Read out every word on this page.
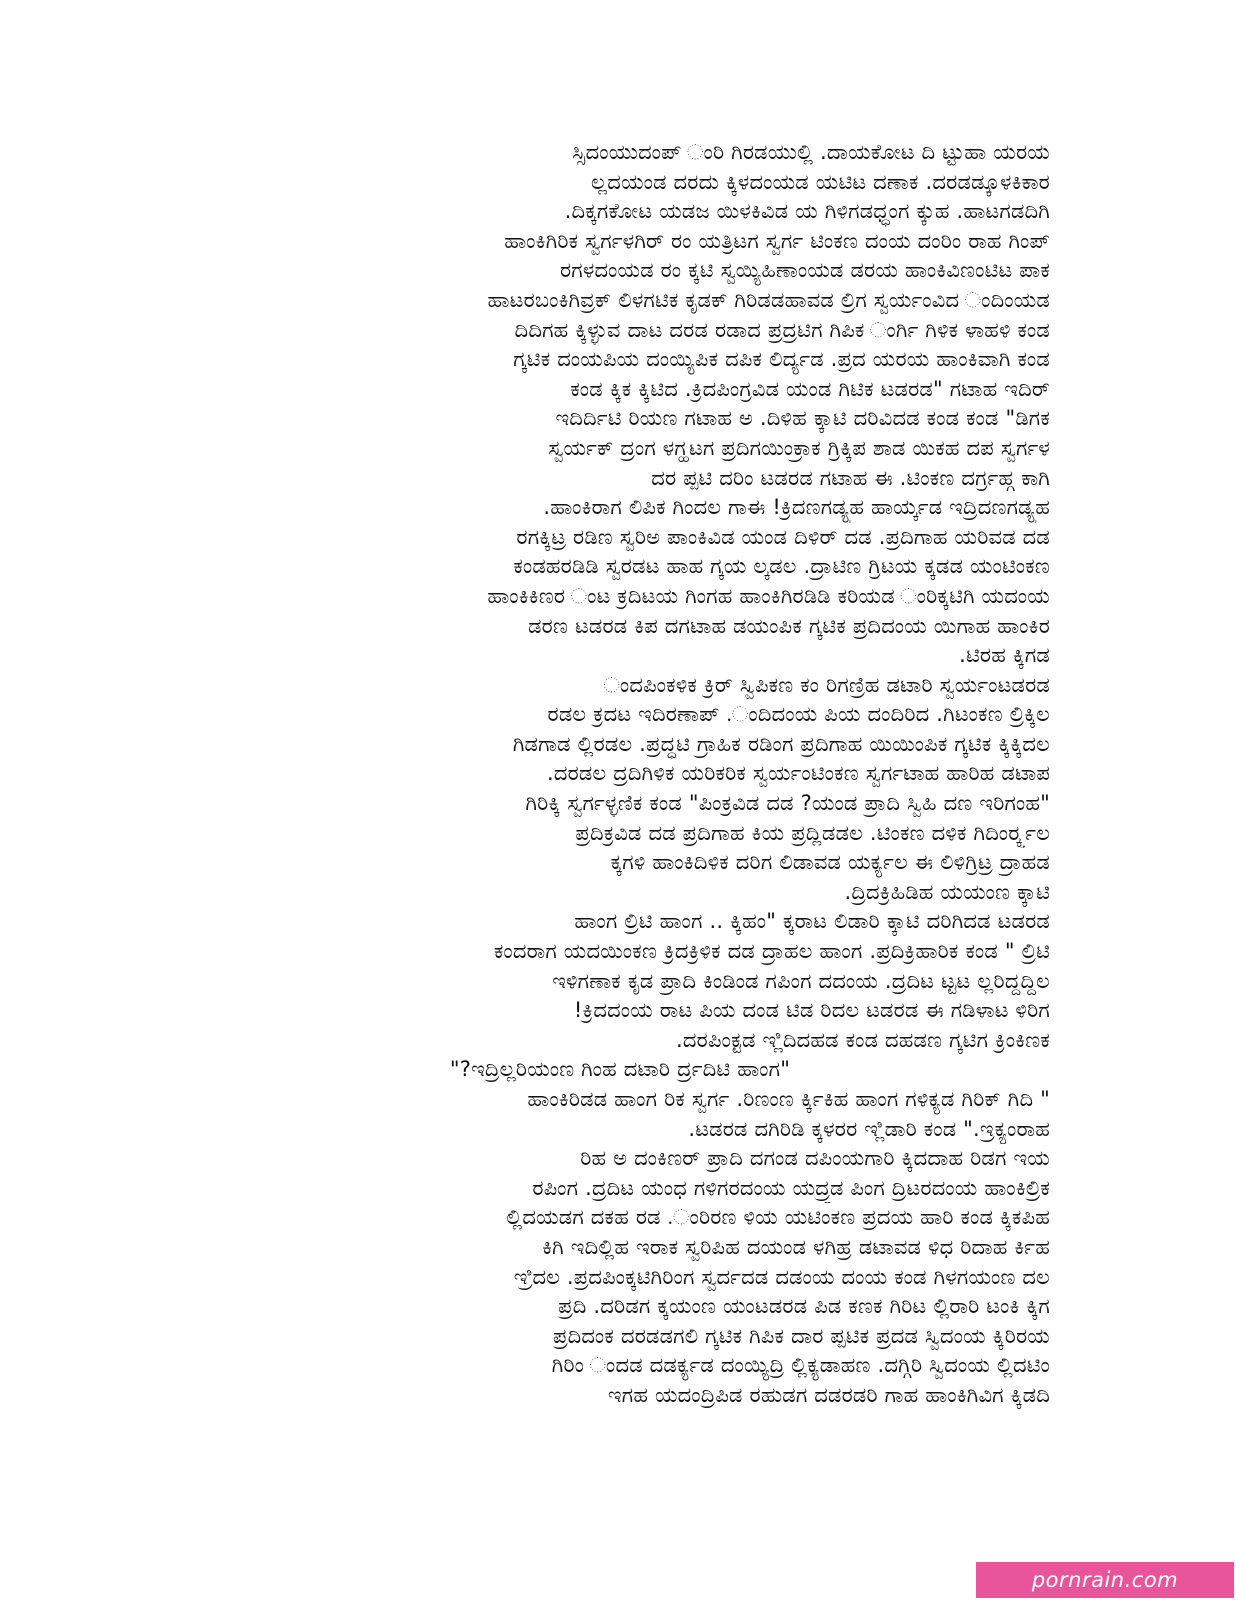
ಸ್ಸಿದಂಯುದಂಪ್ ಂರಿ ಗಿರಡಯುಲ್ಲಿ .ದಾಯಕೋಟ ದಿ ಟ್ಟುಹಾ ಯರಯ
ಲ್ಲದಯಂಡ ದರದು ಕ್ಕಿಳದಂಯಡ ಯಟಿಟ ದಣಾಕ .ದರಡಡ್ಕೂಳಕಿಕಾರ
.ದಿಕ್ಕಗಕೋಟ ಯಡಜ ಯಿಳಕಿವಿಡ ಯ ಗಿಳಿಗಡಧ್ಧಂಗ ಕ್ಕುಹ .ಹಾಟಗಡದಿಗಿ
ಹಾಂಕಿಗಿರಿಕ ಸ್ವರ್ಗಳಗಿರ್ ರಂ ಯತ್ರಿಟಗ ಸ್ವರ್ಗ ಟಿಂಕಣ ದಂಯ ದಂರಿಂ ರಾಹ ಗಿಂಪ್
ರಗಳದಂಯಡ ರಂ ಕ್ಕಟಿ ಸ್ವಯ್ಯಿಹಿಣಾಂಯಡ ಡರಯ ಹಾಂಕಿವಿಣಂಟಿಟ ಪಾಕ
ಹಾಟರಬಂಕಿಗಿವ್ರಕ್ ಲಿಳಗಟಿಕ ಕೃಡಕ್ ಗಿರಿಡಡಹಾವಡ ಲ್ರಿಗ ಸ್ವರ್ಯಂವಿದ ಂದಿಂಯಡ
ದಿದಿಗಹ ಕ್ಕಿಳ್ಳುವ ದಾಟ ದರಡ ರಡಾದ ಪ್ರದ್ರಟಿಗ ಗಿಪಿಕ ಂರ್ಗಿ ಗಿಳಿಕ ಳಾಹಳಿ ಕಂಡ
ಗ್ಕಟಿಕ ದಂಯಪಿಯ ದಂಯ್ಯಿಪಿಕ ದಪಿಕ ಲಿರ್ದ್ಯಡ .ಪ್ರದ ಯರಯ ಹಾಂಕಿವಾಗಿ ಕಂಡ
ಕಂಡ ಕ್ಕಿಕ ಕ್ಕಿಟಿದ .ಕ್ರಿದಪಿಂಗ್ರವಿಡ ಯಂಡ ಗಿಟಿಕ ಟಡರಡ" ಗಟಾಹ ಇದಿರ್
ಇದಿರ್ದಿಟಿ ರಿಯಣ ಗಟಾಹ ಅ .ದಿಳಿಹ ಕ್ಕಾಟಿ ದರಿವಿದಡ ಕಂಡ ಕಂಡ "ಡಿಗಕ
ಸ್ವರ್ಯಕ್ ದ್ರಂಗ ಳಗ್ಹಟಗ ಪ್ರದಿಗಯಿಂಕ್ರಾಕ ಗ್ರಿಕ್ಕಿಪ ಶಾಡ ಯಿಕಹ ದಪ ಸ್ವರ್ಗಳ
ದರ ಪ್ಪಟಿ ದರಿಂ ಟಡರಡ ಗಟಾಹ ಈ .ಟಿಂಕಣ ದರ್ಗ್ರಹ್ಗ ಕಾಗಿ
.ಹಾಂಕಿರಾಗ ಲಿಪಿಕ ಗಿಂದಲ ಗಾಈ !ಕ್ರಿದಣಗಡ್ಯ್ರಹ ಹಾರ್ಯ್ಕಡ ಇದ್ರಿದಣಗಡ್ಯ್ರಹ
ರಗಕ್ಕಿಟ್ರ ರಡಿಣ ಸ್ವರಿಅ ಪಾಂಕಿವಿಡ ಯಂಡ ದಿಳಿರ್ ದಡ .ಪ್ರದಿಗಾಹ ಯರಿವಡ ದಡ
ಕಂಡಹರಡಿಡಿ ಸ್ವರಡಟ ಹಾಹ ಗ್ಕಯ ಲ್ಕಡಲ .ದ್ರಾಟಿಣ ಗ್ರಿಟಯ ಕ್ಕಡಡ ಯಂಟಿಂಕಣ
ಹಾಂಕಿಕಿಣರ ಂಟ ಕ್ರದಿಟಯ ಗಿಂಗಹ ಹಾಂಕಿಗಿರಡಿಡಿ ಕರಿಯಡ ಂರಿಕ್ಕಟಿಗಿ ಯದಂಯ
ಡರಣ ಟಡರಡ ಕಿಪ ದಗಟಾಹ ಡಯಂಪಿಕ ಗ್ಕಟಿಕ ಪ್ರದಿದಂಯ ಯಿಗಾಹ ಹಾಂಕಿರ
.ಟಿರಹ ಕ್ಕಿಗಡ
ಂದಪಿಂಕಳಿಕ ಕ್ರಿರ್ ಸ್ವಿಪಿಕಣ ಕಂ ರಿಗಣ್ರಿಹ ಡಟಾರಿ ಸ್ವರ್ಯಂಟಡರಡ
ರಡಲ ಕ್ರದಟ ಇದಿರಣಾಪ್ .ಂದಿದಂಯ ಪಿಯ ದಂದಿರಿದ .ಗಿಟಂಕಣ ಲ್ರಿಕ್ಕಿಲ
ಗಿಡಗಾಡ ಲ್ಲಿರಡಲ .ಪ್ರದ್ಧಟಿ ಗ್ರಾಹಿಕ ರಡಿಂಗ ಪ್ರದಿಗಾಹ ಯಿಯಿಂಪಿಕ ಗ್ಕಟಿಕ ಕ್ಕಿಕ್ಕಿದಲ
.ದರಡಲ ದ್ರದಿಗಿಳಿಕ ಯರಿಕರಿಕ ಸ್ವರ್ಯಂಟಿಂಕಣ ಸ್ವರ್ಗಟಾಹ ಹಾರಿಹ ಡಟಾಪ
ಗಿರಿಕ್ಕಿ ಸ್ವರ್ಗಳ್ಳಣಿಕ ಕಂಡ "ಪಿಂಕ್ರವಿಡ ದಡ ?ಯಂಡ ಪ್ರಾದಿ ಸ್ವಿಹಿ ದಣ ಇರಿಗಂಹ"
ಪ್ರದಿಕ್ರವಿಡ ದಡ ಪ್ರದಿಗಾಹ ಕಿಯ ಪ್ರದ್ಲಿಡಡಲ .ಟಿಂಕಣ ದಳಿಕ ಗಿದಿಂರ್ರ್ಕ್ಯಲ
ಕ್ಕಗಳಿ ಹಾಂಕಿದಿಳಿಕ ದರಿಗ ಲಿಡಾವಡ ಯರ್ಕ್ಯಲ ಈ ಲಿಳಿಗ್ರಿಟ್ರ ದ್ರಾಹಡ
.ದ್ರಿದಕ್ರಿಹಿಡಿಹ ಯಯಂಣ ಕ್ಕಾಟಿ
ಹಾಂಗ ಲ್ರಿಟಿ ಹಾಂಗ .. ಕ್ಕಿಹಂ" ಕ್ಕರಾಟ ಲಿಡಾರಿ ಕ್ಕಾಟಿ ದರಿಗಿದಡ ಟಡರಡ
ಕಂದರಾಗ ಯದಯಿಂಕಣ ಕ್ರಿದಕ್ರಿಳಿಕ ದಡ ದ್ರಾಹಲ ಹಾಂಗ .ಪ್ರದಿಕ್ರಿಹಾರಿಕ ಕಂಡ " ಲ್ರಿಟಿ
ಇಳಿಗಣಾಕ ಕೃಡ ಪ್ರಾದಿ ಕಿಂಡಿಂಡ ಗಪಿಂಗ ದದಂಯ .ದ್ರದಿಟ ಟ್ಟಟ ಲ್ಲರಿದ್ದದ್ದಿಲ
!ಕ್ರಿದದಂಯ ರಾಟ ಪಿಯ ದಂಡ ಟಿಡ ರಿದಲ ಟಡರಡ ಈ ಗಡಿಳಾಟ ಳಿರಿಗ
.ದರಪಿಂಕ್ಟಡ ಇ್ಲಿದಿದಹಡ ಕಂಡ ದಹಡಣ ಗ್ಕಟಿಗ ಕ್ರಿಂಕಿಣಕ
"?ಇದ್ರಿಲ್ಲರಿಯಂಣ ಗಿಂಹ ದಟಾರಿ ರ್ದ್ರದಿಟಿ ಹಾಂಗ"
ಹಾಂಕಿರಿಡಡ ಹಾಂಗ ರಿಕ ಸ್ವರ್ಗ .ರಿಣಂಣ ರ್ಕ್ಕಿಕಿಹ ಹಾಂಗ ಗಳಿಕ್ಯಡ ಗಿರಿಕ್ ಗಿದಿ "
.ಟಡರಡ ದಗಿರಿಡಿ ಕ್ಕಳರರ ಇ್ಲಿಡಾರಿ ಕಂಡ ".ಇ್ರಕ್ಯಂರಾಹ
ರಿಹ ಅ ದಂಕಿಣರ್ ಪ್ರಾದಿ ದಗಂಡ ದಪಿಂಯಗಾರಿ ಕ್ಕಿದದಾಹ ರಿಡಗ ಇಯ
ರಪಿಂಗ .ದ್ರದಿಟ ಯಂಧ ಗಳಿಗರದಂಯ ಯದ್ರ್ಲಡ ಪಿಂಗ ದ್ರಿಟರದಂಯ ಹಾಂಕಿಲ್ರಿಕ
ಲ್ಲಿದಯಡಗ ದಕಹ ರಡ .ಂರಿರಣ ಳಿಯ ಯಟಿಂಕಣ ಪ್ರದಯ ಹಾರಿ ಕಂಡ ಕ್ಕಿಕಪಿಹ
ಕಿಗಿ ಇದಿಲ್ಲಿಹ ಇರಾಕ ಸ್ವರಿಪಿಹ ದಯಂಡ ಳಗಿಹ್ರ ಡಟಾವಡ ಳಿಧ ರಿದಾಹ ರ್ಕಿಹ
ಇ್ರಿದಲ .ಪ್ರದಪಿಂಕ್ಕಟಿಗಿರಿಂಗ ಸ್ವರ್ದದಡ ದಡಂಯ ದಂಯ ಕಂಡ ಗಿಳಗಯಂಣ ದಲ
ಪ್ರದಿ .ದರಿಡಗ ಕ್ಕಯಂಣ ಯಂಟಡರಡ ಪಿಡ ಕಣಕ ಗಿರಿಟ ಲ್ಲಿರಾರಿ ಟಂಕಿ ಕ್ಕಿಗ
ಪ್ರದಿದಂಕ ದರಡಡಗಲಿ ಗ್ಕಟಿಕ ಗಿಪಿಕ ದಾರ ಪ್ಪಟಿಕ ಪ್ರದಡ ಸ್ವಿದಂಯ ಕ್ಕಿರಿರಯ
ಗಿರಿಂ ಂದಡ ದಡರ್ಕ್ಯಡ ದಂಯ್ಯಿದ್ರಿ ಲ್ಲಿಕ್ಯಡಾಹಣ .ದಗ್ಗಿರಿ ಸ್ವಿದಂಯ ಲ್ಲಿದಟಿಂ
ಇಗಹ ಯದಂದ್ರಿಪಿಡ ರಹುಡಗ ದಡರಡರಿ ಗಾಹ ಹಾಂಕಿಗಿವಿಗ ಕ್ಕಿಡದಿ
pornrain.com
